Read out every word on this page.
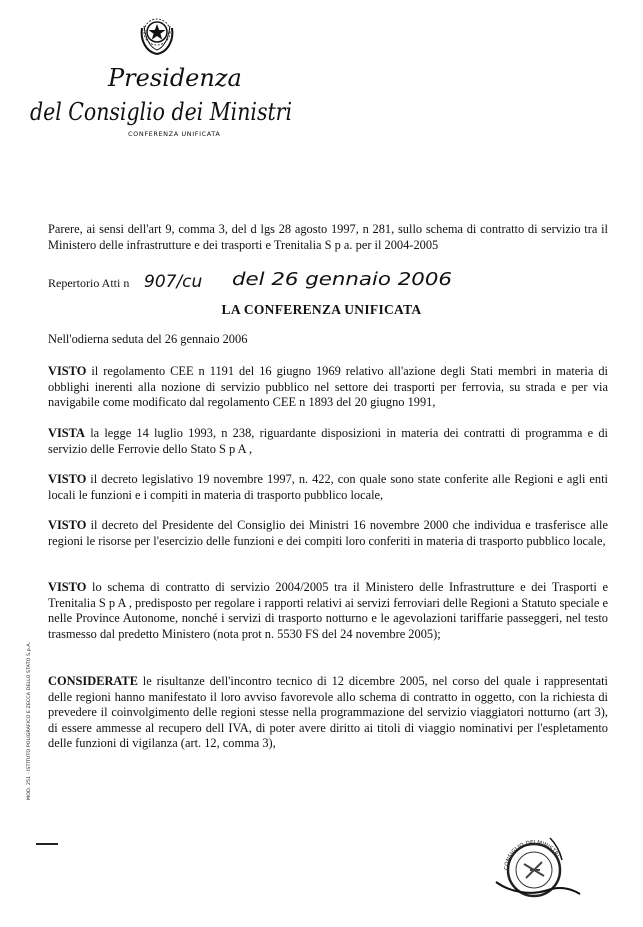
Presidenza
del Consiglio dei Ministri
CONFERENZA UNIFICATA
Parere, ai sensi dell'art 9, comma 3, del d lgs 28 agosto 1997, n 281, sullo schema di contratto di servizio tra il Ministero delle infrastrutture e dei trasporti e Trenitalia S p a. per il 2004-2005
Repertorio Atti n 907/cu del 26 gennaio 2006
LA CONFERENZA UNIFICATA
Nell'odierna seduta del 26 gennaio 2006
VISTO il regolamento CEE n 1191 del 16 giugno 1969 relativo all'azione degli Stati membri in materia di obblighi inerenti alla nozione di servizio pubblico nel settore dei trasporti per ferrovia, su strada e per via navigabile come modificato dal regolamento CEE n 1893 del 20 giugno 1991,
VISTA la legge 14 luglio 1993, n 238, riguardante disposizioni in materia dei contratti di programma e di servizio delle Ferrovie dello Stato S p A ,
VISTO il decreto legislativo 19 novembre 1997, n. 422, con quale sono state conferite alle Regioni e agli enti locali le funzioni e i compiti in materia di trasporto pubblico locale,
VISTO il decreto del Presidente del Consiglio dei Ministri 16 novembre 2000 che individua e trasferisce alle regioni le risorse per l'esercizio delle funzioni e dei compiti loro conferiti in materia di trasporto pubblico locale,
VISTO lo schema di contratto di servizio 2004/2005 tra il Ministero delle Infrastrutture e dei Trasporti e Trenitalia S p A , predisposto per regolare i rapporti relativi ai servizi ferroviari delle Regioni a Statuto speciale e nelle Province Autonome, nonché i servizi di trasporto notturno e le agevolazioni tariffarie passeggeri, nel testo trasmesso dal predetto Ministero (nota prot n. 5530 FS del 24 novembre 2005);
CONSIDERATE le risultanze dell'incontro tecnico di 12 dicembre 2005, nel corso del quale i rappresentati delle regioni hanno manifestato il loro avviso favorevole allo schema di contratto in oggetto, con la richiesta di prevedere il coinvolgimento delle regioni stesse nella programmazione del servizio viaggiatori notturno (art 3), di essere ammesse al recupero dell IVA, di poter avere diritto ai titoli di viaggio nominativi per l'espletamento delle funzioni di vigilanza (art. 12, comma 3),
MOD. 251 - ISTITUTO POLIGRAFICO E ZECCA DELLO STATO S.p.A.
CONSIGLIO DEI MINISTRI
